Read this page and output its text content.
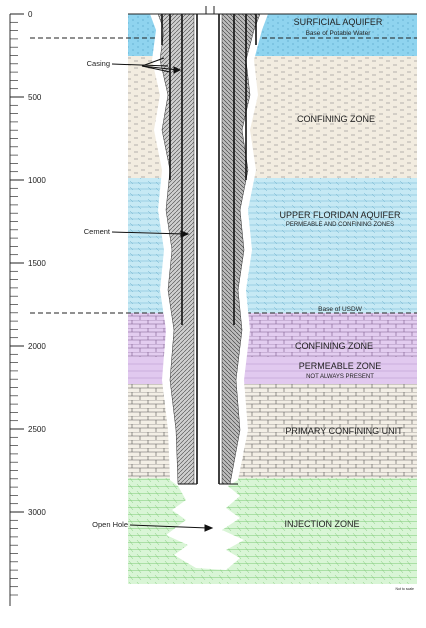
0
500
1000
1500
2000
2500
3000
SURFICIAL AQUIFER
Base of Potable Water
CONFINING ZONE
UPPER FLORIDAN AQUIFER
PERMEABLE AND CONFINING ZONES
Base of USDW
CONFINING ZONE
PERMEABLE ZONE
NOT ALWAYS PRESENT
PRIMARY CONFINING UNIT
INJECTION ZONE
Not to scale
Casing
Cement
Open Hole
